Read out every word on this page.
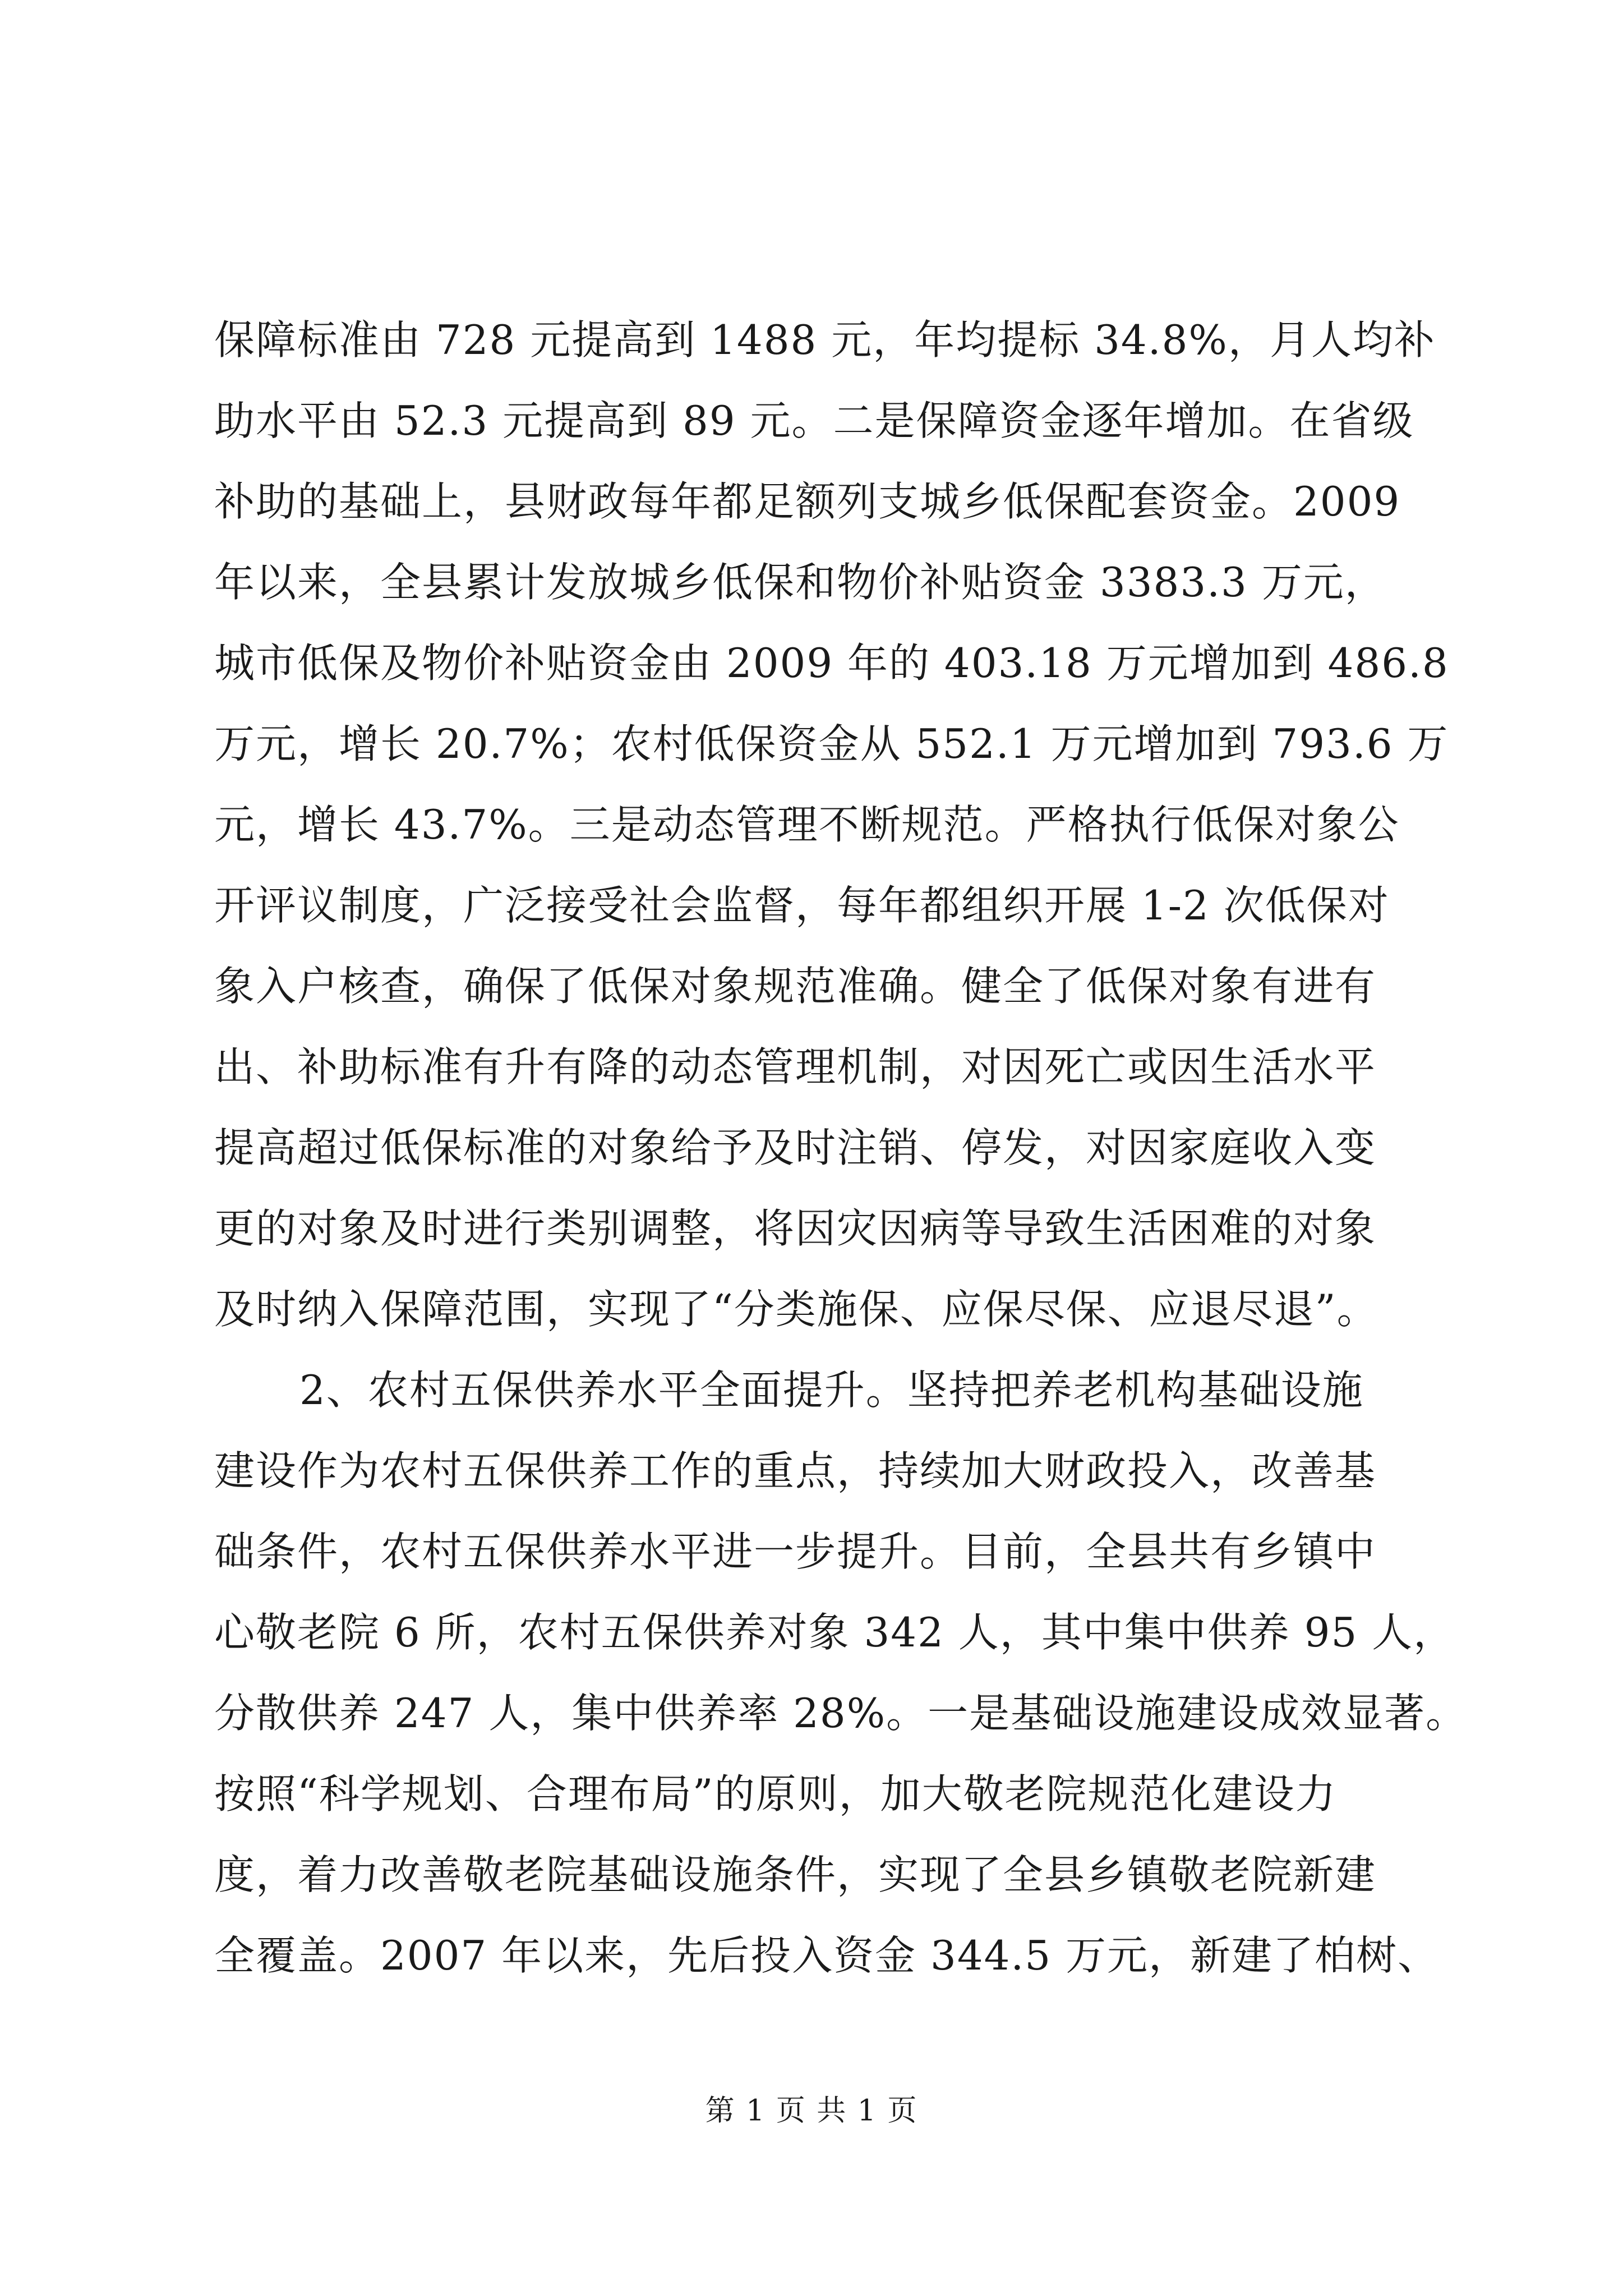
保障标准由 728 元提高到 1488 元，年均提标 34.8%，月人均补
助水平由 52.3 元提高到 89 元。二是保障资金逐年增加。在省级
补助的基础上，县财政每年都足额列支城乡低保配套资金。2009
年以来，全县累计发放城乡低保和物价补贴资金 3383.3 万元，
城市低保及物价补贴资金由 2009 年的 403.18 万元增加到 486.8
万元，增长 20.7%；农村低保资金从 552.1 万元增加到 793.6 万
元，增长 43.7%。三是动态管理不断规范。严格执行低保对象公
开评议制度，广泛接受社会监督，每年都组织开展 1-2 次低保对
象入户核查，确保了低保对象规范准确。健全了低保对象有进有
出、补助标准有升有降的动态管理机制，对因死亡或因生活水平
提高超过低保标准的对象给予及时注销、停发，对因家庭收入变
更的对象及时进行类别调整，将因灾因病等导致生活困难的对象
及时纳入保障范围，实现了“分类施保、应保尽保、应退尽退”。
2、农村五保供养水平全面提升。坚持把养老机构基础设施
建设作为农村五保供养工作的重点，持续加大财政投入，改善基
础条件，农村五保供养水平进一步提升。目前，全县共有乡镇中
心敬老院 6 所，农村五保供养对象 342 人，其中集中供养 95 人，
分散供养 247 人，集中供养率 28%。一是基础设施建设成效显著。
按照“科学规划、合理布局”的原则，加大敬老院规范化建设力
度，着力改善敬老院基础设施条件，实现了全县乡镇敬老院新建
全覆盖。2007 年以来，先后投入资金 344.5 万元，新建了柏树、
第 1 页 共 1 页
